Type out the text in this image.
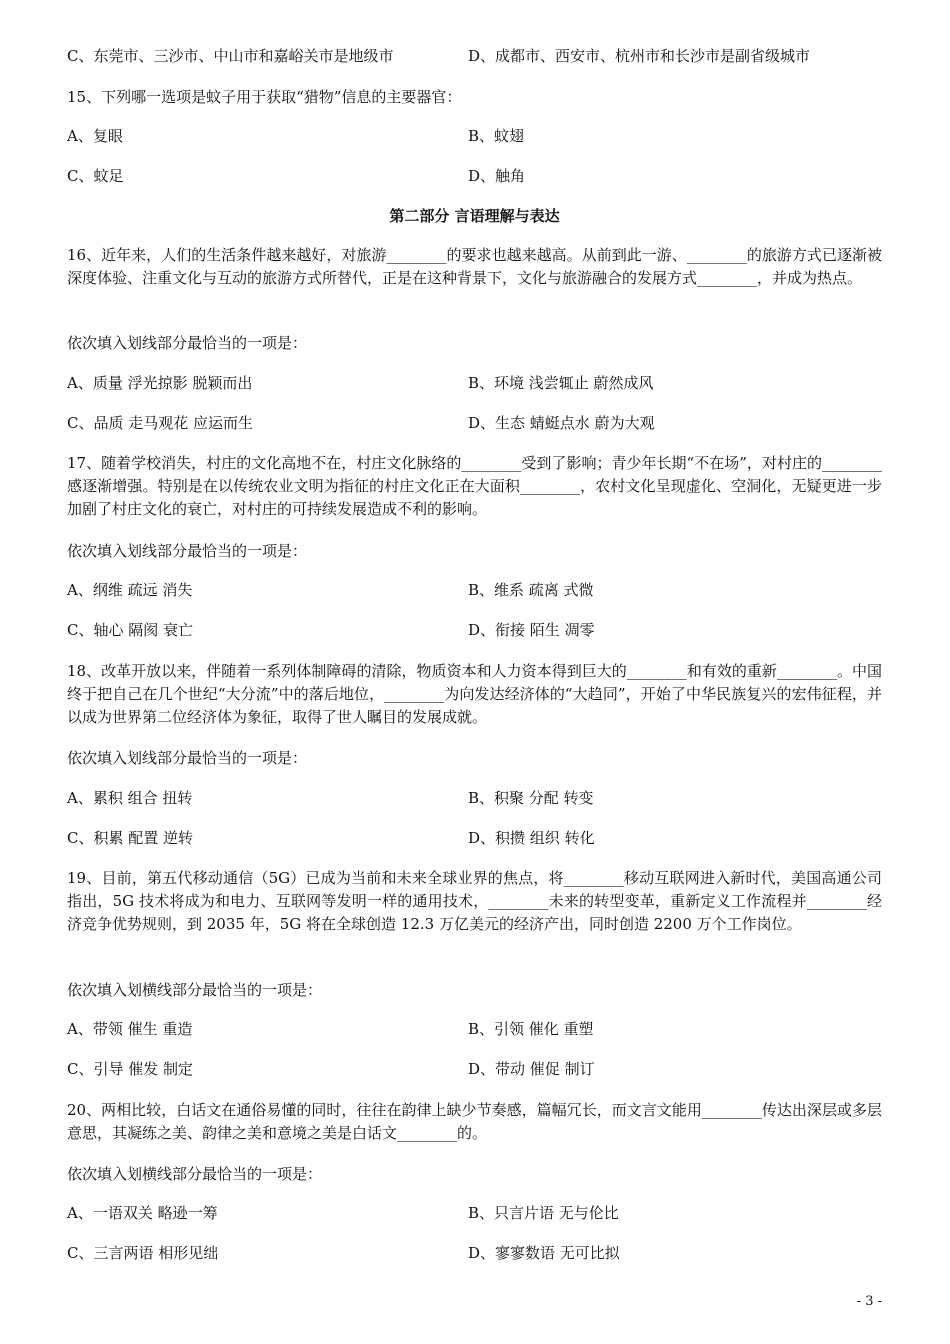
C、东莞市、三沙市、中山市和嘉峪关市是地级市	D、成都市、西安市、杭州市和长沙市是副省级城市
15、下列哪一选项是蚊子用于获取“猎物”信息的主要器官：
A、复眼	B、蚊翅
C、蚊足	D、触角
第二部分 言语理解与表达
16、近年来，人们的生活条件越来越好，对旅游________的要求也越来越高。从前到此一游、________的旅游方式已逐渐被深度体验、注重文化与互动的旅游方式所替代，正是在这种背景下，文化与旅游融合的发展方式________，并成为热点。
依次填入划线部分最恰当的一项是：
A、质量 浮光掠影 脱颖而出	B、环境 浅尝辄止 蔚然成风
C、品质 走马观花 应运而生	D、生态 蜻蜓点水 蔚为大观
17、随着学校消失，村庄的文化高地不在，村庄文化脉络的________受到了影响；青少年长期“不在场”，对村庄的________感逐渐增强。特别是在以传统农业文明为指征的村庄文化正在大面积________，农村文化呈现虚化、空洞化，无疑更进一步加剧了村庄文化的衰亡，对村庄的可持续发展造成不利的影响。
依次填入划线部分最恰当的一项是：
A、纲维 疏远 消失	B、维系 疏离 式微
C、轴心 隔阂 衰亡	D、衔接 陌生 凋零
18、改革开放以来，伴随着一系列体制障碍的清除，物质资本和人力资本得到巨大的________和有效的重新________。中国终于把自己在几个世纪“大分流”中的落后地位，________为向发达经济体的“大趋同”，开始了中华民族复兴的宏伟征程，并以成为世界第二位经济体为象征，取得了世人瞩目的发展成就。
依次填入划线部分最恰当的一项是：
A、累积 组合 扭转	B、积聚 分配 转变
C、积累 配置 逆转	D、积攒 组织 转化
19、目前，第五代移动通信（5G）已成为当前和未来全球业界的焦点，将________移动互联网进入新时代，美国高通公司指出，5G 技术将成为和电力、互联网等发明一样的通用技术，________未来的转型变革，重新定义工作流程并________经济竞争优势规则，到 2035 年，5G 将在全球创造 12.3 万亿美元的经济产出，同时创造 2200 万个工作岗位。
依次填入划横线部分最恰当的一项是：
A、带领 催生 重造	B、引领 催化 重塑
C、引导 催发 制定	D、带动 催促 制订
20、两相比较，白话文在通俗易懂的同时，往往在韵律上缺少节奏感，篇幅冗长，而文言文能用________传达出深层或多层意思，其凝练之美、韵律之美和意境之美是白话文________的。
依次填入划横线部分最恰当的一项是：
A、一语双关 略逊一筹	B、只言片语 无与伦比
C、三言两语 相形见绌	D、寥寥数语 无可比拟
- 3 -
